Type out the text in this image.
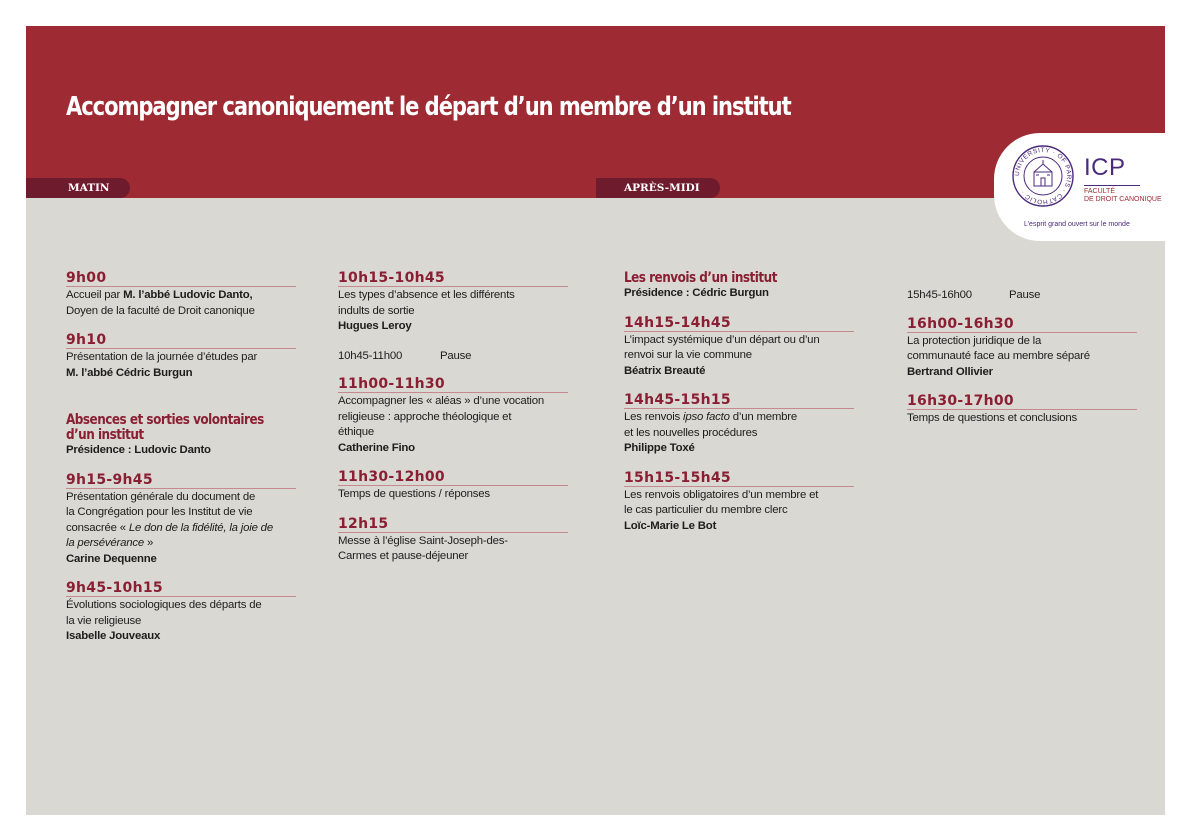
Accompagner canoniquement le départ d’un membre d’un institut
MATIN	APRÈS-MIDI
UNIVERSITY · OF PARIS · CATHOLIC ·
ICP
FACULTÉ
DE DROIT CANONIQUE
L’esprit grand ouvert sur le monde
9h00
Accueil par M. l’abbé Ludovic Danto,
Doyen de la faculté de Droit canonique
9h10
Présentation de la journée d’études par
M. l’abbé Cédric Burgun
Absences et sorties volontaires
d’un institut
Présidence : Ludovic Danto
9h15-9h45
Présentation générale du document de
la Congrégation pour les Institut de vie
consacrée « Le don de la fidélité, la joie de
la persévérance »
Carine Dequenne
9h45-10h15
Évolutions sociologiques des départs de
la vie religieuse
Isabelle Jouveaux
10h15-10h45
Les types d’absence et les différents
indults de sortie
Hugues Leroy
10h45-11h00	Pause
11h00-11h30
Accompagner les « aléas » d’une vocation
religieuse : approche théologique et
éthique
Catherine Fino
11h30-12h00
Temps de questions / réponses
12h15
Messe à l’église Saint-Joseph-des-
Carmes et pause-déjeuner
Les renvois d’un institut
Présidence : Cédric Burgun
14h15-14h45
L’impact systémique d’un départ ou d’un
renvoi sur la vie commune
Béatrix Breauté
14h45-15h15
Les renvois ipso facto d’un membre
et les nouvelles procédures
Philippe Toxé
15h15-15h45
Les renvois obligatoires d’un membre et
le cas particulier du membre clerc
Loïc-Marie Le Bot
15h45-16h00	Pause
16h00-16h30
La protection juridique de la
communauté face au membre séparé
Bertrand Ollivier
16h30-17h00
Temps de questions et conclusions
